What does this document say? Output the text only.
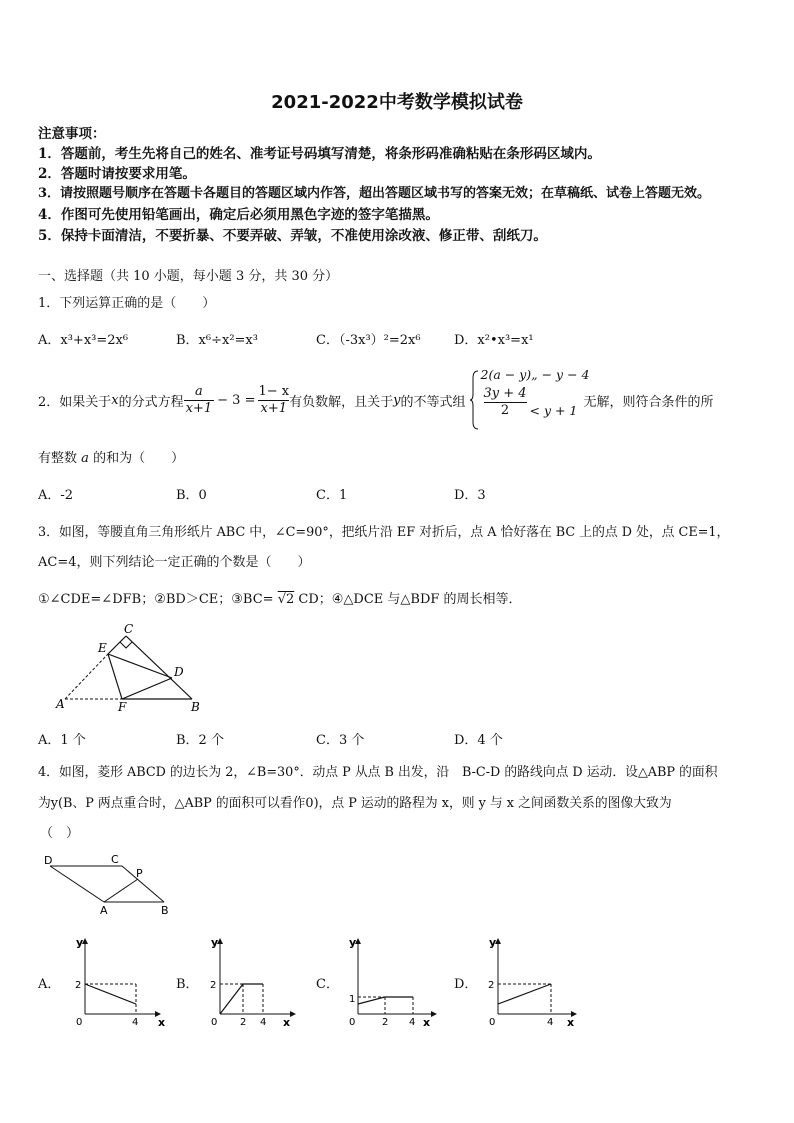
2021-2022中考数学模拟试卷
注意事项：
1．答题前，考生先将自己的姓名、准考证号码填写清楚，将条形码准确粘贴在条形码区域内。
2．答题时请按要求用笔。
3．请按照题号顺序在答题卡各题目的答题区域内作答，超出答题区域书写的答案无效；在草稿纸、试卷上答题无效。
4．作图可先使用铅笔画出，确定后必须用黑色字迹的签字笔描黑。
5．保持卡面清洁，不要折暴、不要弄破、弄皱，不准使用涂改液、修正带、刮纸刀。
一、选择题（共 10 小题，每小题 3 分，共 30 分）
1．下列运算正确的是（　　）
A．x³+x³=2x⁶	B．x⁶÷x²=x³	C．（-3x³）²=2x⁶	D．x²•x³=x¹
2．如果关于 x 的分式方程 $\frac{a}{x+1} - 3 = \frac{1- x}{x+1}$ 有负数解，且关于 y 的不等式组
2(a − y)„ − y − 4
$\frac{3y + 4}{2} < y + 1$
无解，则符合条件的所
有整数 a 的和为（　　）
A．-2	B．0	C．1	D．3
3．如图，等腰直角三角形纸片 ABC 中，∠C=90°，把纸片沿 EF 对折后，点 A 恰好落在 BC 上的点 D 处，点 CE=1，
AC=4，则下列结论一定正确的个数是（　　）
①∠CDE=∠DFB；②BD＞CE；③BC= √2 CD；④△DCE 与△BDF 的周长相等．
C
E
D
A	F	B
A．1 个	B．2 个	C．3 个	D．4 个
4．如图，菱形 ABCD 的边长为 2，∠B=30°．动点 P 从点 B 出发，沿　B-C-D 的路线向点 D 运动．设△ABP 的面积
为y(B、P 两点重合时，△ABP 的面积可以看作0)，点 P 运动的路程为 x，则 y 与 x 之间函数关系的图像大致为
（　）
D	C
P
A	B
A．
y
x
0
2
4
B．
y
x
0
2
2 4
C．
y
x
0
1
2 4
D．
y
x
0
2
4
